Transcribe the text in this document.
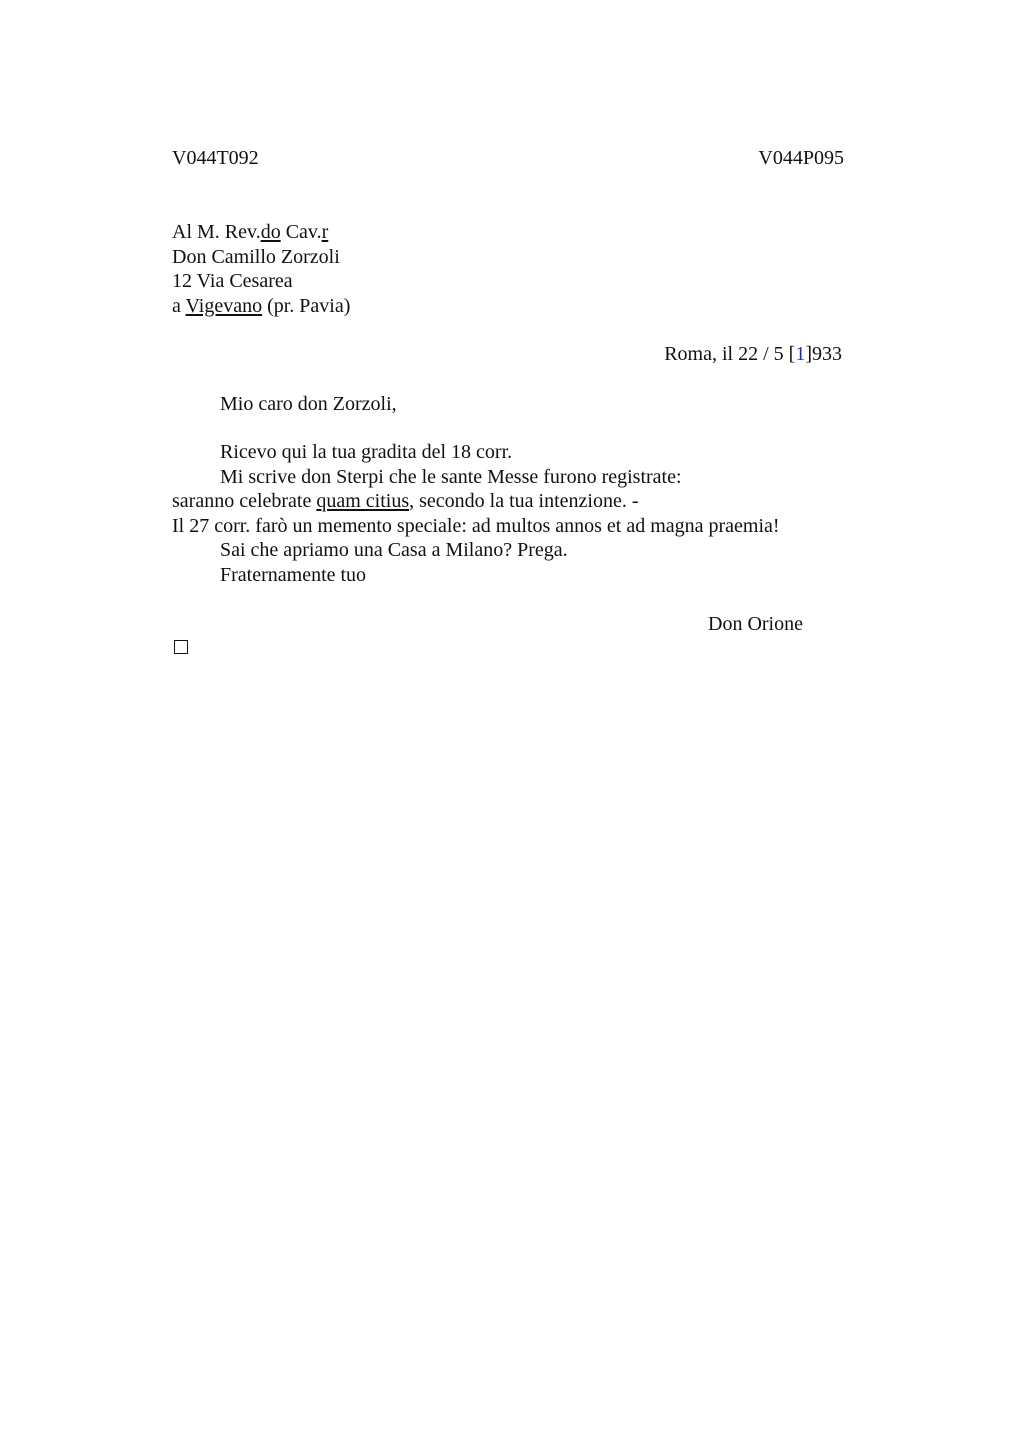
V044T092	V044P095
Al M. Rev.do Cav.r
Don Camillo Zorzoli
12 Via Cesarea
a Vigevano (pr. Pavia)
Roma, il 22 / 5 [1]933
Mio caro don Zorzoli,
Ricevo qui la tua gradita del 18 corr.
Mi scrive don Sterpi che le sante Messe furono registrate:
saranno celebrate quam citius, secondo la tua intenzione. -
Il 27 corr. farò un memento speciale: ad multos annos et ad magna praemia!
Sai che apriamo una Casa a Milano? Prega.
Fraternamente tuo
Don Orione
